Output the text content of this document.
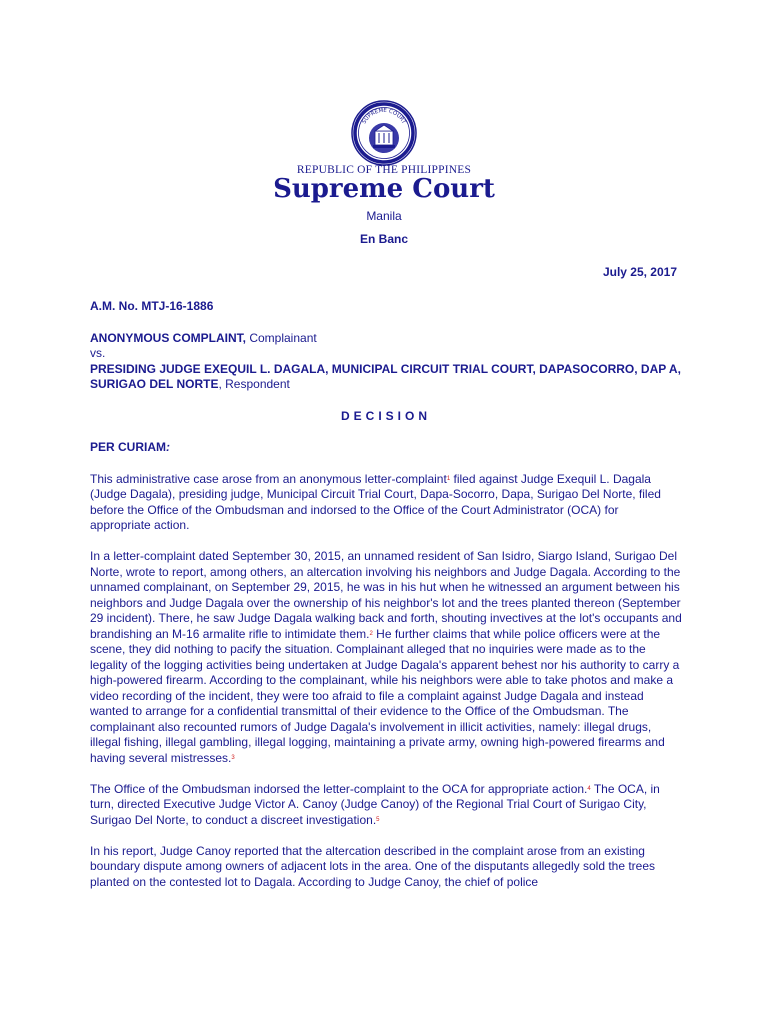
SUPREME COURT
REPUBLIC OF THE PHILIPPINES
Supreme Court
Manila
En Banc
July 25, 2017

A.M. No. MTJ-16-1886

ANONYMOUS COMPLAINT, Complainant
vs.
PRESIDING JUDGE EXEQUIL L. DAGALA, MUNICIPAL CIRCUIT TRIAL COURT, DAPASOCORRO, DAP A, SURIGAO DEL NORTE, Respondent

DECISION

PER CURIAM:

This administrative case arose from an anonymous letter-complaint$^1$ filed against Judge Exequil L. Dagala (Judge Dagala), presiding judge, Municipal Circuit Trial Court, Dapa-Socorro, Dapa, Surigao Del Norte, filed before the Office of the Ombudsman and indorsed to the Office of the Court Administrator (OCA) for appropriate action.

In a letter-complaint dated September 30, 2015, an unnamed resident of San Isidro, Siargo Island, Surigao Del Norte, wrote to report, among others, an altercation involving his neighbors and Judge Dagala. According to the unnamed complainant, on September 29, 2015, he was in his hut when he witnessed an argument between his neighbors and Judge Dagala over the ownership of his neighbor's lot and the trees planted thereon (September 29 incident). There, he saw Judge Dagala walking back and forth, shouting invectives at the lot's occupants and brandishing an M-16 armalite rifle to intimidate them.$^2$ He further claims that while police officers were at the scene, they did nothing to pacify the situation. Complainant alleged that no inquiries were made as to the legality of the logging activities being undertaken at Judge Dagala's apparent behest nor his authority to carry a high-powered firearm. According to the complainant, while his neighbors were able to take photos and make a video recording of the incident, they were too afraid to file a complaint against Judge Dagala and instead wanted to arrange for a confidential transmittal of their evidence to the Office of the Ombudsman. The complainant also recounted rumors of Judge Dagala's involvement in illicit activities, namely: illegal drugs, illegal fishing, illegal gambling, illegal logging, maintaining a private army, owning high-powered firearms and having several mistresses.$^3$

The Office of the Ombudsman indorsed the letter-complaint to the OCA for appropriate action.$^4$ The OCA, in turn, directed Executive Judge Victor A. Canoy (Judge Canoy) of the Regional Trial Court of Surigao City, Surigao Del Norte, to conduct a discreet investigation.$^5$

In his report, Judge Canoy reported that the altercation described in the complaint arose from an existing boundary dispute among owners of adjacent lots in the area. One of the disputants allegedly sold the trees planted on the contested lot to Dagala. According to Judge Canoy, the chief of police
